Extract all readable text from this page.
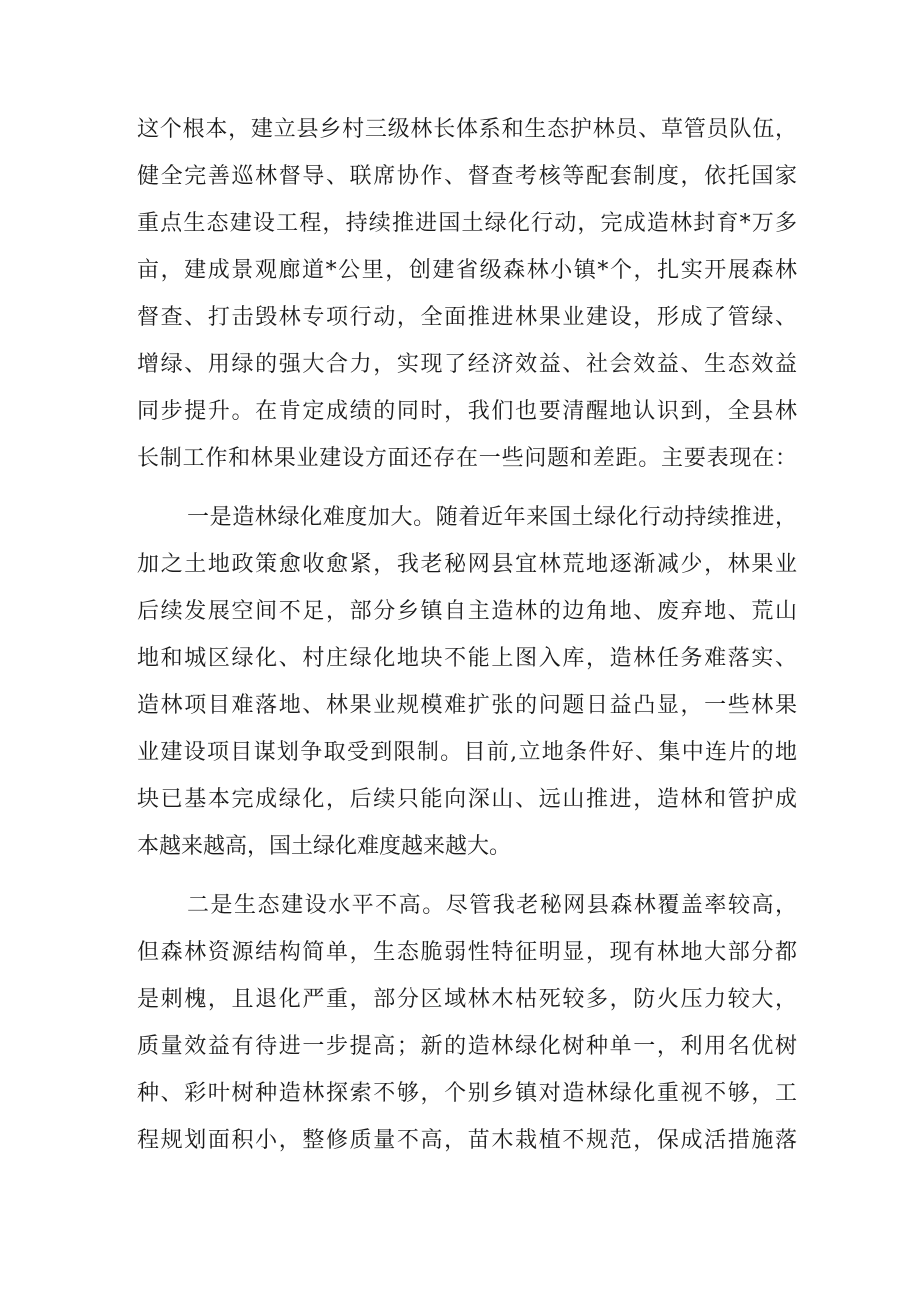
这个根本，建立县乡村三级林长体系和生态护林员、草管员队伍，
健全完善巡林督导、联席协作、督查考核等配套制度，依托国家
重点生态建设工程，持续推进国土绿化行动，完成造林封育*万多
亩，建成景观廊道*公里，创建省级森林小镇*个，扎实开展森林
督查、打击毁林专项行动，全面推进林果业建设，形成了管绿、
增绿、用绿的强大合力，实现了经济效益、社会效益、生态效益
同步提升。在肯定成绩的同时，我们也要清醒地认识到，全县林
长制工作和林果业建设方面还存在一些问题和差距。主要表现在：
一是造林绿化难度加大。随着近年来国土绿化行动持续推进，
加之土地政策愈收愈紧，我老秘网县宜林荒地逐渐减少，林果业
后续发展空间不足，部分乡镇自主造林的边角地、废弃地、荒山
地和城区绿化、村庄绿化地块不能上图入库，造林任务难落实、
造林项目难落地、林果业规模难扩张的问题日益凸显，一些林果
业建设项目谋划争取受到限制。目前,立地条件好、集中连片的地
块已基本完成绿化，后续只能向深山、远山推进，造林和管护成
本越来越高，国土绿化难度越来越大。
二是生态建设水平不高。尽管我老秘网县森林覆盖率较高，
但森林资源结构简单，生态脆弱性特征明显，现有林地大部分都
是刺槐，且退化严重，部分区域林木枯死较多，防火压力较大，
质量效益有待进一步提高；新的造林绿化树种单一，利用名优树
种、彩叶树种造林探索不够，个别乡镇对造林绿化重视不够，工
程规划面积小，整修质量不高，苗木栽植不规范，保成活措施落
